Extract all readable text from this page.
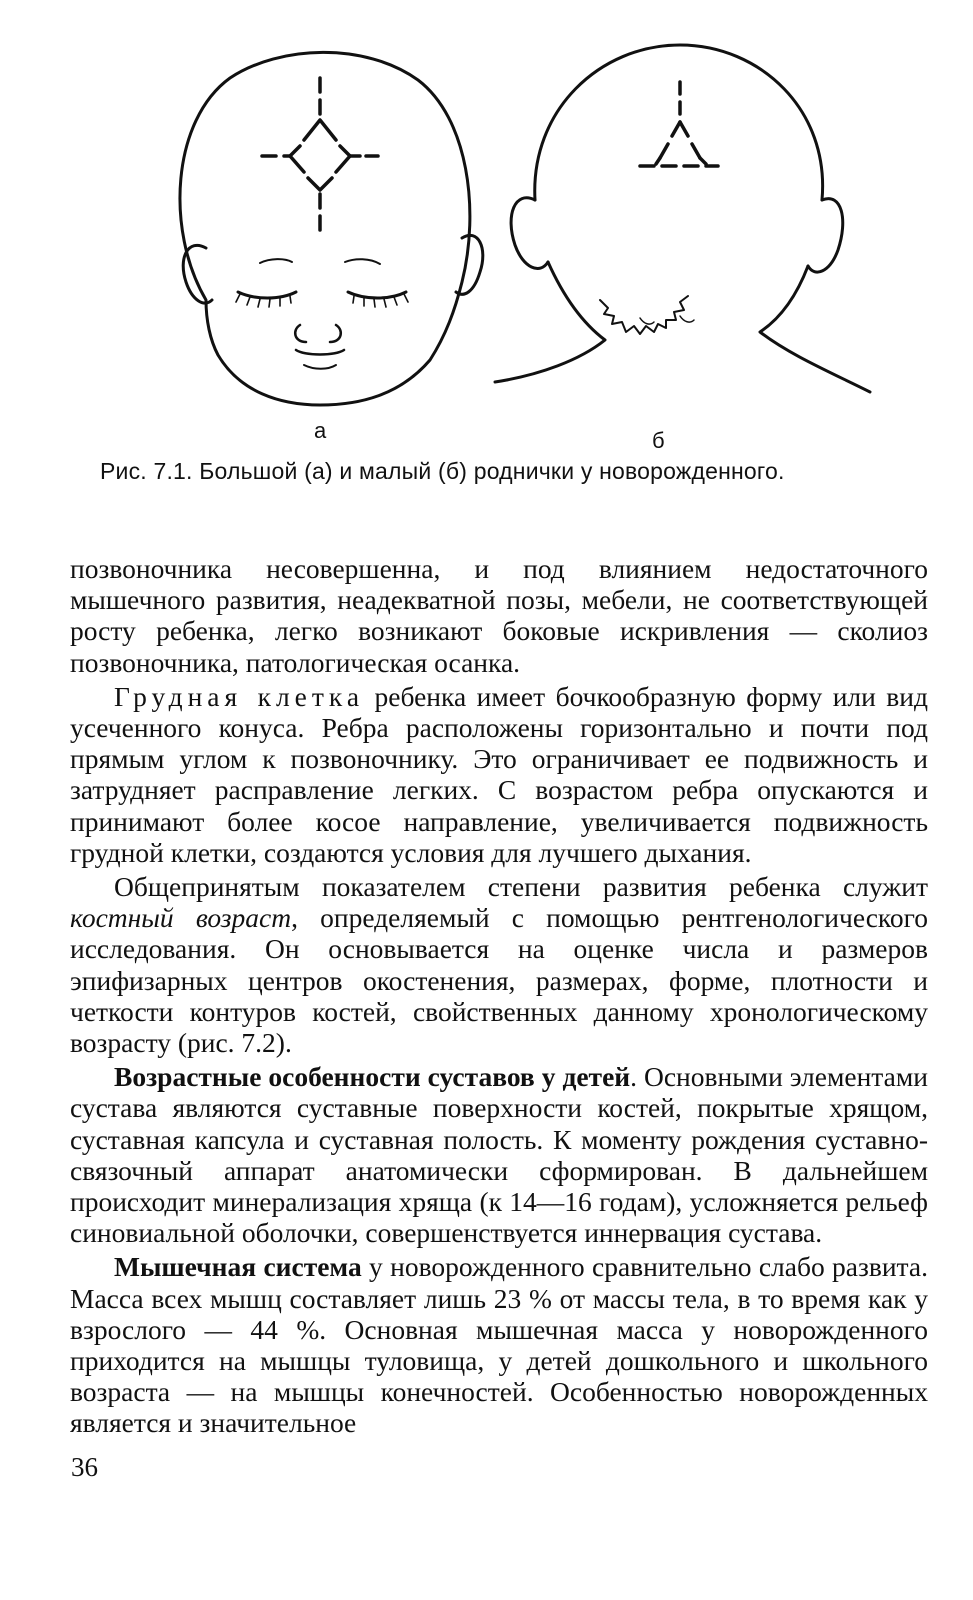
а	б
Рис. 7.1. Большой (а) и малый (б) роднички у новорожденного.

позвоночника несовершенна, и под влиянием недостаточного мышечного развития, неадекватной позы, мебели, не соответствующей росту ребенка, легко возникают боковые искривления — сколиоз позвоночника, патологическая осанка.

Грудная клетка ребенка имеет бочкообразную форму или вид усеченного конуса. Ребра расположены горизонтально и почти под прямым углом к позвоночнику. Это ограничивает ее подвижность и затрудняет расправление легких. С возрастом ребра опускаются и принимают более косое направление, увеличивается подвижность грудной клетки, создаются условия для лучшего дыхания.

Общепринятым показателем степени развития ребенка служит костный возраст, определяемый с помощью рентгенологического исследования. Он основывается на оценке числа и размеров эпифизарных центров окостенения, размерах, форме, плотности и четкости контуров костей, свойственных данному хронологическому возрасту (рис. 7.2).

Возрастные особенности суставов у детей. Основными элементами сустава являются суставные поверхности костей, покрытые хрящом, суставная капсула и суставная полость. К моменту рождения суставно-связочный аппарат анатомически сформирован. В дальнейшем происходит минерализация хряща (к 14—16 годам), усложняется рельеф синовиальной оболочки, совершенствуется иннервация сустава.

Мышечная система у новорожденного сравнительно слабо развита. Масса всех мышц составляет лишь 23 % от массы тела, в то время как у взрослого — 44 %. Основная мышечная масса у новорожденного приходится на мышцы туловища, у детей дошкольного и школьного возраста — на мышцы конечностей. Особенностью новорожденных является и значительное

36
